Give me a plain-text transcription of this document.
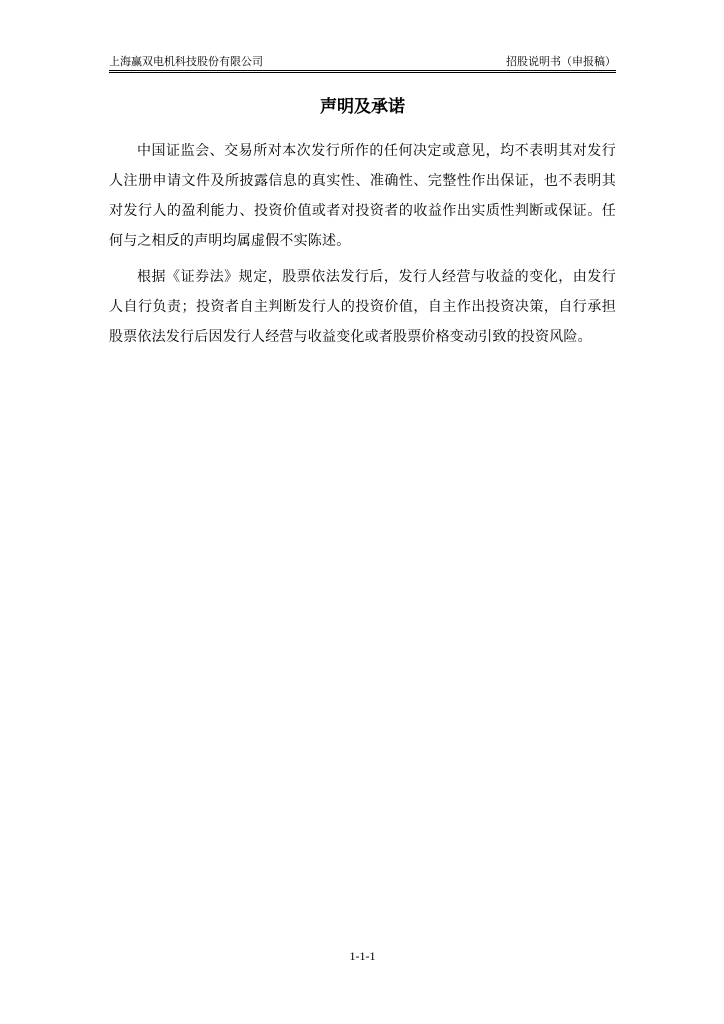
上海赢双电机科技股份有限公司	招股说明书（申报稿）
声明及承诺

中国证监会、交易所对本次发行所作的任何决定或意见，均不表明其对发行人注册申请文件及所披露信息的真实性、准确性、完整性作出保证，也不表明其对发行人的盈利能力、投资价值或者对投资者的收益作出实质性判断或保证。任何与之相反的声明均属虚假不实陈述。

根据《证券法》规定，股票依法发行后，发行人经营与收益的变化，由发行人自行负责；投资者自主判断发行人的投资价值，自主作出投资决策，自行承担股票依法发行后因发行人经营与收益变化或者股票价格变动引致的投资风险。

1-1-1
